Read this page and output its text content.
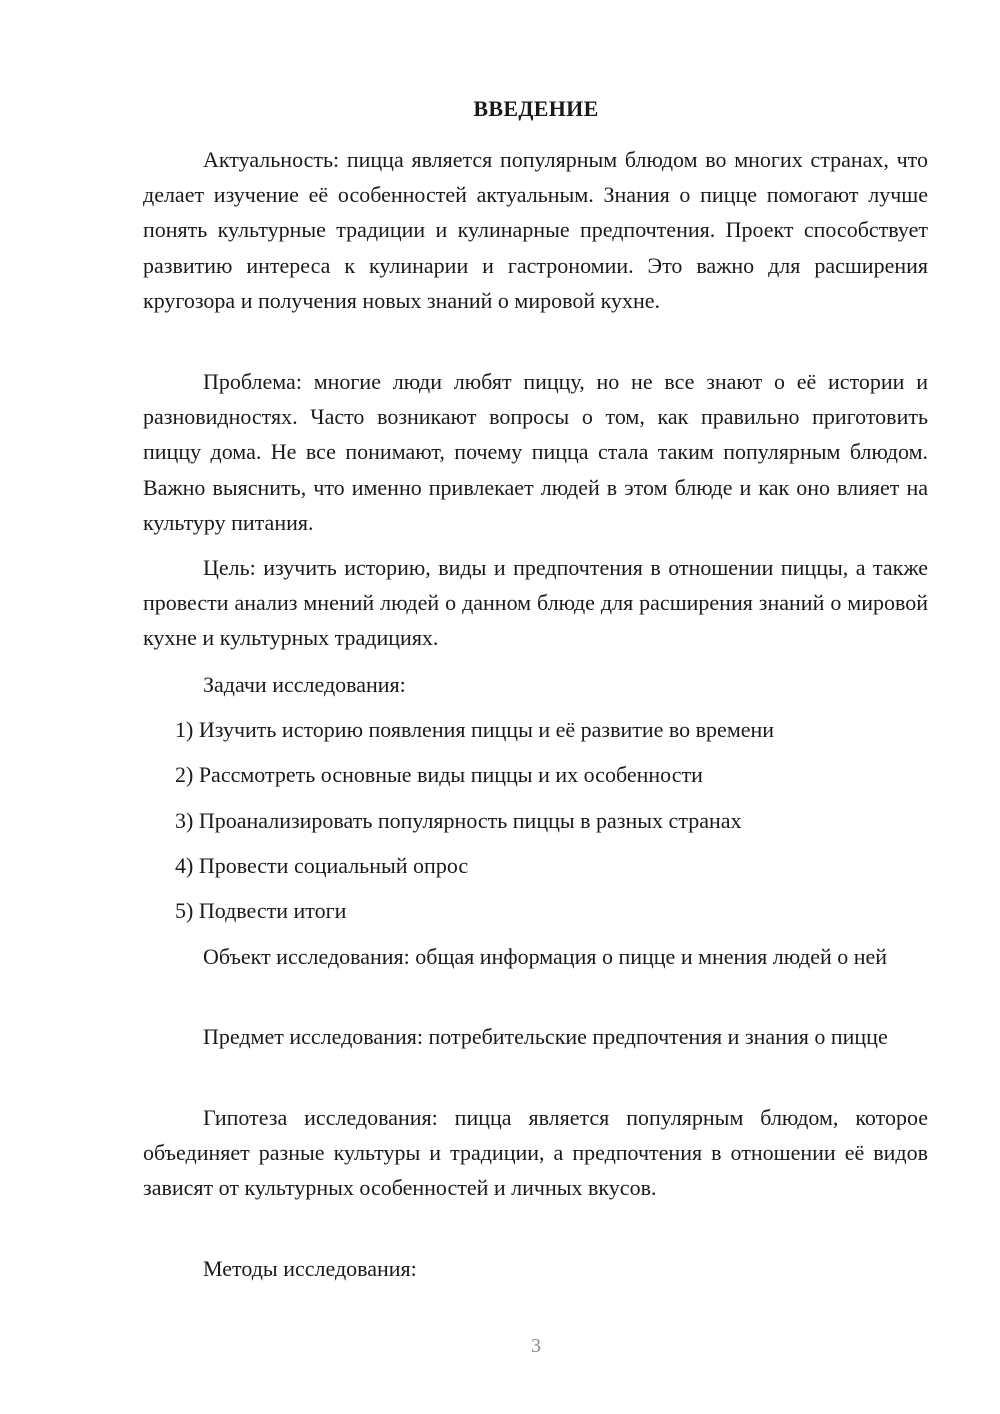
ВВЕДЕНИЕ

Актуальность: пицца является популярным блюдом во многих странах, что делает изучение её особенностей актуальным. Знания о пицце помогают лучше понять культурные традиции и кулинарные предпочтения. Проект способствует развитию интереса к кулинарии и гастрономии. Это важно для расширения кругозора и получения новых знаний о мировой кухне.

Проблема: многие люди любят пиццу, но не все знают о её истории и разновидностях. Часто возникают вопросы о том, как правильно приготовить пиццу дома. Не все понимают, почему пицца стала таким популярным блюдом. Важно выяснить, что именно привлекает людей в этом блюде и как оно влияет на культуру питания.

Цель: изучить историю, виды и предпочтения в отношении пиццы, а также провести анализ мнений людей о данном блюде для расширения знаний о мировой кухне и культурных традициях.

Задачи исследования:

1) Изучить историю появления пиццы и её развитие во времени

2) Рассмотреть основные виды пиццы и их особенности

3) Проанализировать популярность пиццы в разных странах

4) Провести социальный опрос

5) Подвести итоги

Объект исследования: общая информация о пицце и мнения людей о ней

Предмет исследования: потребительские предпочтения и знания о пицце

Гипотеза исследования: пицца является популярным блюдом, которое объединяет разные культуры и традиции, а предпочтения в отношении её видов зависят от культурных особенностей и личных вкусов.

Методы исследования:

3
